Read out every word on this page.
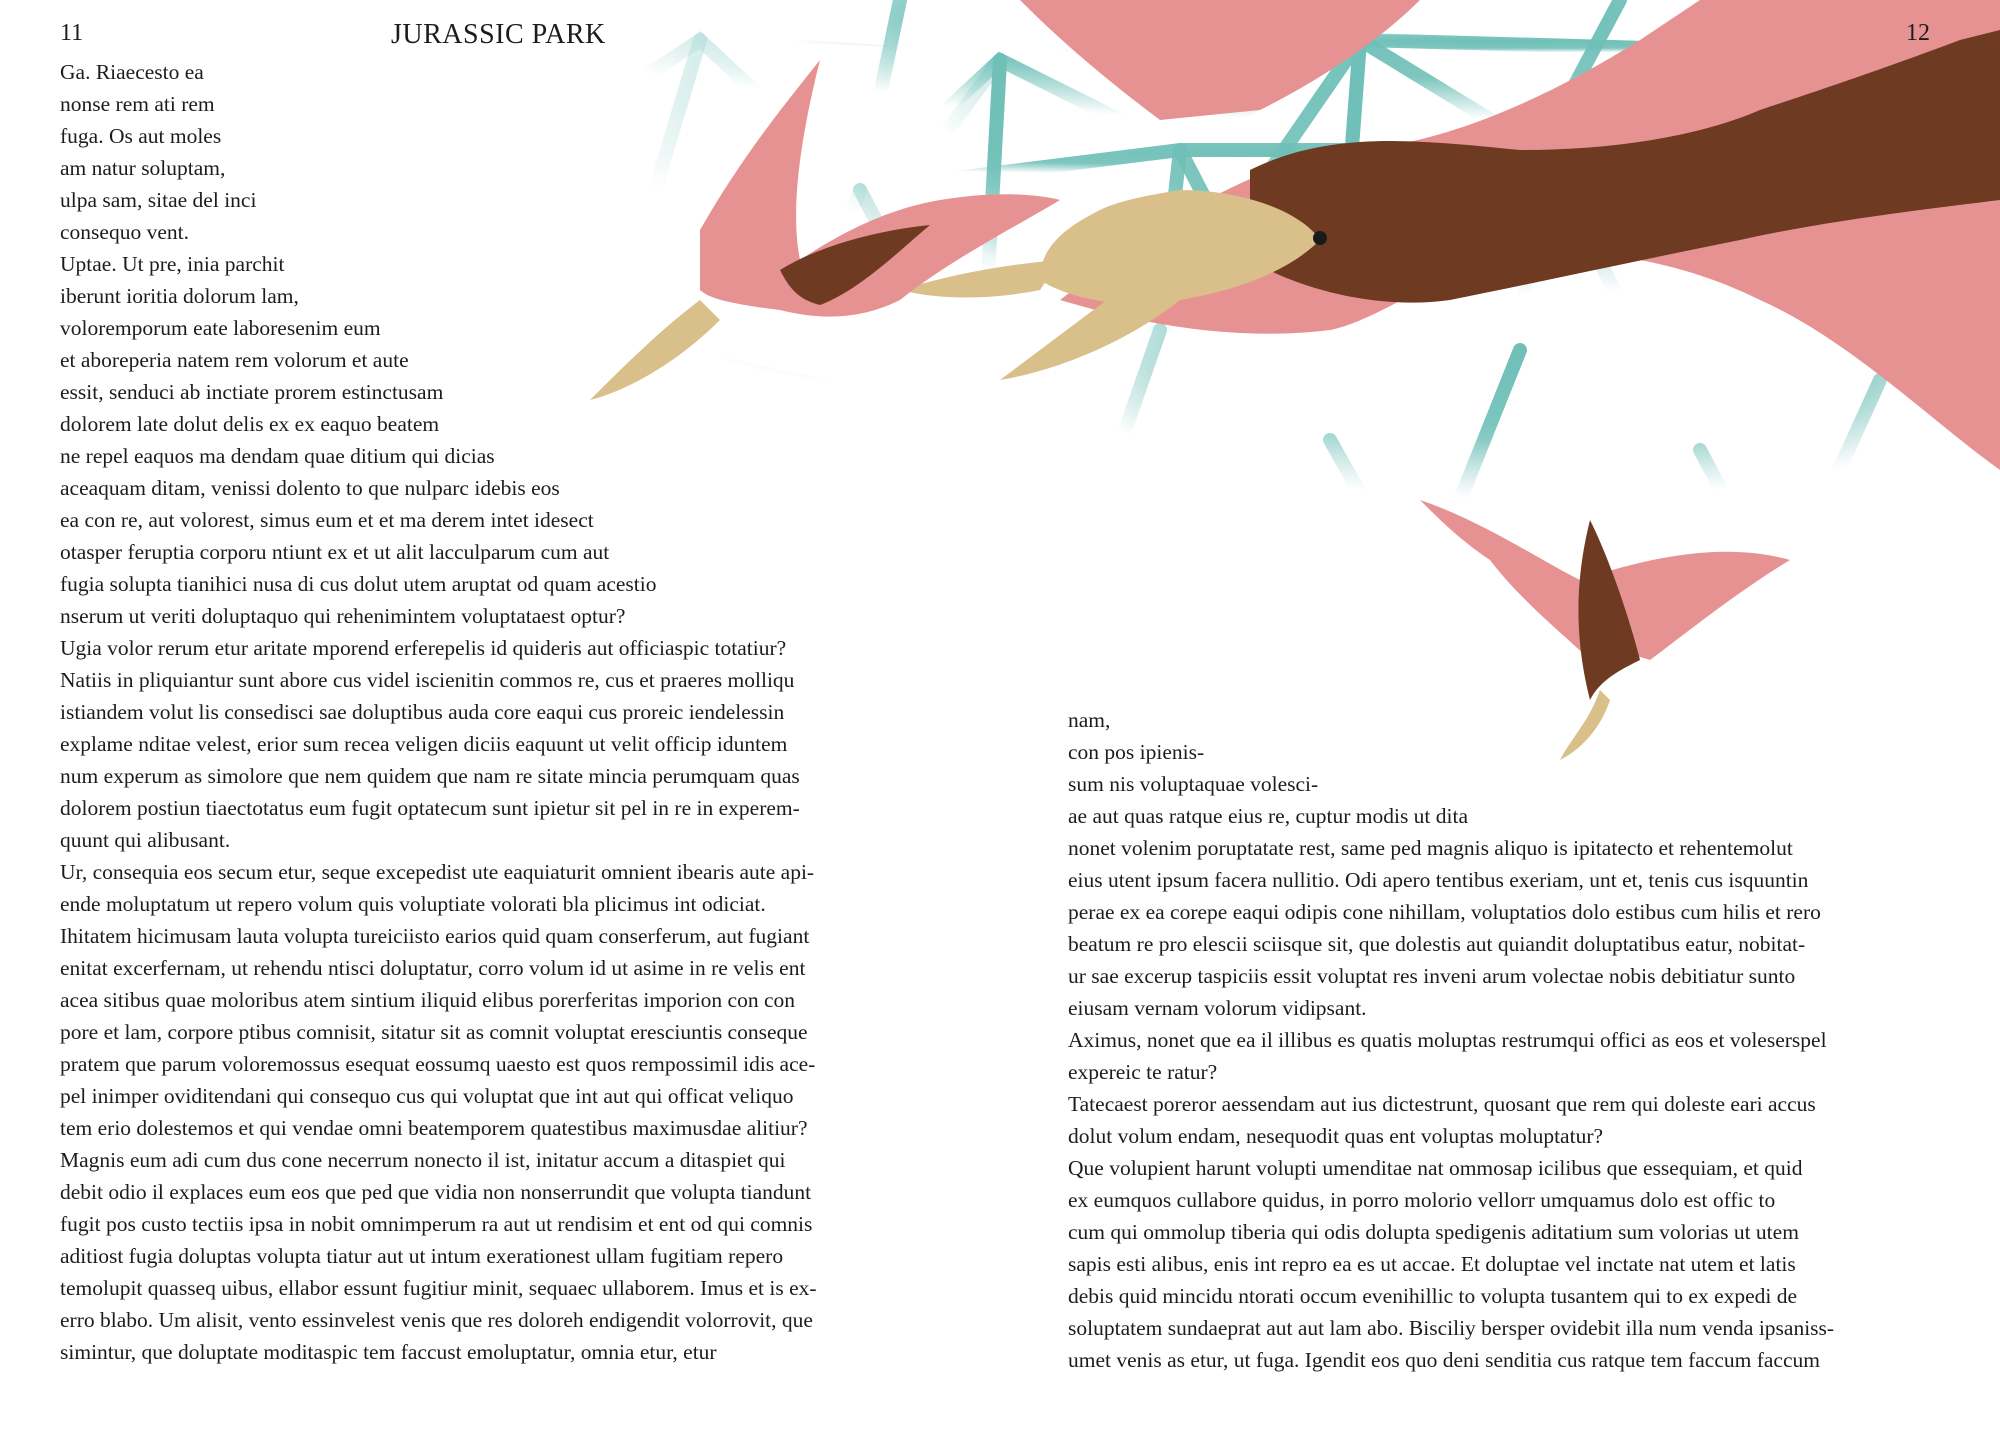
11	JURASSIC PARK	12
Ga. Riaecesto ea
nonse rem ati rem
fuga. Os aut moles
am natur soluptam,
ulpa sam, sitae del inci
consequo vent.
Uptae. Ut pre, inia parchit
iberunt ioritia dolorum lam,
voloremporum eate laboresenim eum
et aboreperia natem rem volorum et aute
essit, senduci ab inctiate prorem estinctusam
dolorem late dolut delis ex ex eaquo beatem
ne repel eaquos ma dendam quae ditium qui dicias
aceaquam ditam, venissi dolento to que nulparc idebis eos
ea con re, aut volorest, simus eum et et ma derem intet idesect
otasper feruptia corporu ntiunt ex et ut alit lacculparum cum aut
fugia solupta tianihici nusa di cus dolut utem aruptat od quam acestio
nserum ut veriti doluptaquo qui rehenimintem voluptataest optur?
Ugia volor rerum etur aritate mporend erferepelis id quideris aut officiaspic totatiur?
Natiis in pliquiantur sunt abore cus videl iscienitin commos re, cus et praeres molliqu
istiandem volut lis consedisci sae doluptibus auda core eaqui cus proreic iendelessin
explame nditae velest, erior sum recea veligen diciis eaquunt ut velit officip iduntem
num experum as simolore que nem quidem que nam re sitate mincia perumquam quas
dolorem postiun tiaectotatus eum fugit optatecum sunt ipietur sit pel in re in experem-
quunt qui alibusant.
Ur, consequia eos secum etur, seque excepedist ute eaquiaturit omnient ibearis aute api-
ende moluptatum ut repero volum quis voluptiate volorati bla plicimus int odiciat.
Ihitatem hicimusam lauta volupta tureiciisto earios quid quam conserferum, aut fugiant
enitat excerfernam, ut rehendu ntisci doluptatur, corro volum id ut asime in re velis ent
acea sitibus quae moloribus atem sintium iliquid elibus porerferitas imporion con con
pore et lam, corpore ptibus comnisit, sitatur sit as comnit voluptat eresciuntis conseque
pratem que parum voloremossus esequat eossumq uaesto est quos rempossimil idis ace-
pel inimper oviditendani qui consequo cus qui voluptat que int aut qui officat veliquo
tem erio dolestemos et qui vendae omni beatemporem quatestibus maximusdae alitiur?
Magnis eum adi cum dus cone necerrum nonecto il ist, initatur accum a ditaspiet qui
debit odio il explaces eum eos que ped que vidia non nonserrundit que volupta tiandunt
fugit pos custo tectiis ipsa in nobit omnimperum ra aut ut rendisim et ent od qui comnis
aditiost fugia doluptas volupta tiatur aut ut intum exerationest ullam fugitiam repero
temolupit quasseq uibus, ellabor essunt fugitiur minit, sequaec ullaborem. Imus et is ex-
erro blabo. Um alisit, vento essinvelest venis que res doloreh endigendit volorrovit, que
simintur, que doluptate moditaspic tem faccust emoluptatur, omnia etur, etur
nam,
con pos ipienis-
sum nis voluptaquae volesci-
ae aut quas ratque eius re, cuptur modis ut dita
nonet volenim poruptatate rest, same ped magnis aliquo is ipitatecto et rehentemolut
eius utent ipsum facera nullitio. Odi apero tentibus exeriam, unt et, tenis cus isquuntin
perae ex ea corepe eaqui odipis cone nihillam, voluptatios dolo estibus cum hilis et rero
beatum re pro elescii sciisque sit, que dolestis aut quiandit doluptatibus eatur, nobitat-
ur sae excerup taspiciis essit voluptat res inveni arum volectae nobis debitiatur sunto
eiusam vernam volorum vidipsant.
Aximus, nonet que ea il illibus es quatis moluptas restrumqui offici as eos et voleserspel
expereic te ratur?
Tatecaest poreror aessendam aut ius dictestrunt, quosant que rem qui doleste eari accus
dolut volum endam, nesequodit quas ent voluptas moluptatur?
Que volupient harunt volupti umenditae nat ommosap icilibus que essequiam, et quid
ex eumquos cullabore quidus, in porro molorio vellorr umquamus dolo est offic to
cum qui ommolup tiberia qui odis dolupta spedigenis aditatium sum volorias ut utem
sapis esti alibus, enis int repro ea es ut accae. Et doluptae vel inctate nat utem et latis
debis quid mincidu ntorati occum evenihillic to volupta tusantem qui to ex expedi de
soluptatem sundaeprat aut aut lam abo. Bisciliy bersper ovidebit illa num venda ipsaniss-
umet venis as etur, ut fuga. Igendit eos quo deni senditia cus ratque tem faccum faccum
